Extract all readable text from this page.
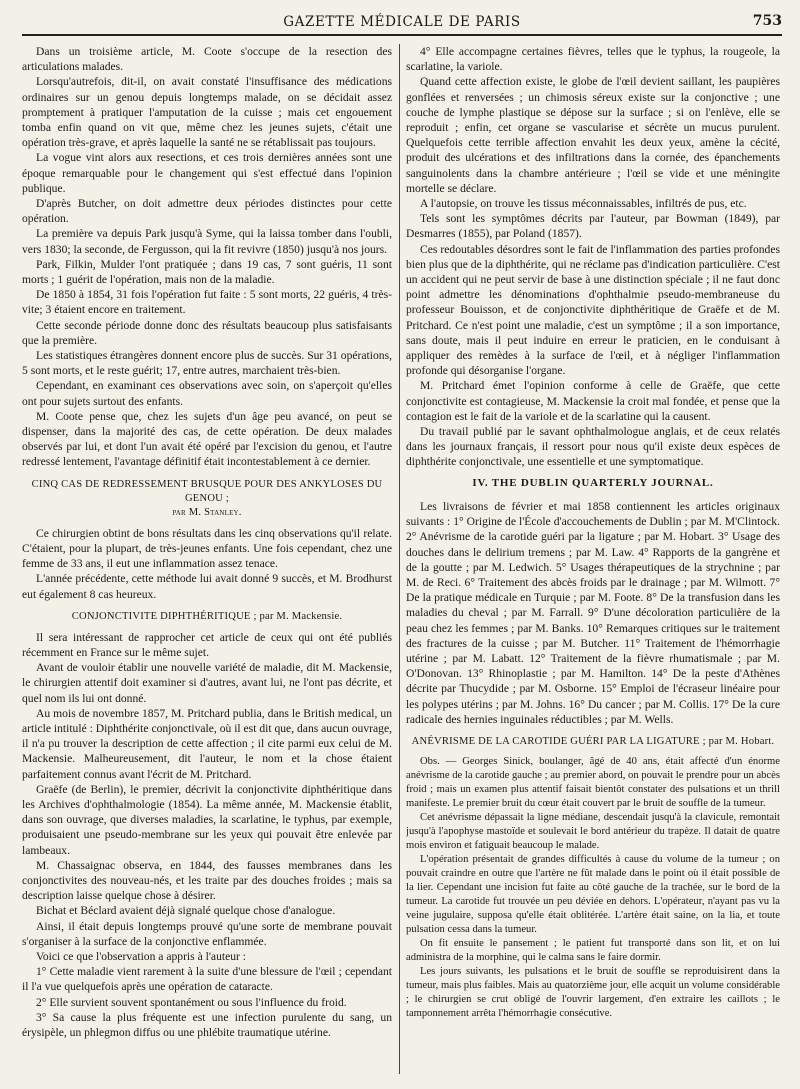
GAZETTE MÉDICALE DE PARIS	753

Dans un troisième article, M. Coote s'occupe de la resection des articulations malades.

Lorsqu'autrefois, dit-il, on avait constaté l'insuffisance des médications ordinaires sur un genou depuis longtemps malade, on se décidait assez promptement à pratiquer l'amputation de la cuisse ; mais cet engouement tomba enfin quand on vit que, même chez les jeunes sujets, c'était une opération très-grave, et après laquelle la santé ne se rétablissait pas toujours.

La vogue vint alors aux resections, et ces trois dernières années sont une époque remarquable pour le changement qui s'est effectué dans l'opinion publique.

D'après Butcher, on doit admettre deux périodes distinctes pour cette opération.

La première va depuis Park jusqu'à Syme, qui la laissa tomber dans l'oubli, vers 1830; la seconde, de Fergusson, qui la fit revivre (1850) jusqu'à nos jours.

Park, Filkin, Mulder l'ont pratiquée ; dans 19 cas, 7 sont guéris, 11 sont morts ; 1 guérit de l'opération, mais non de la maladie.

De 1850 à 1854, 31 fois l'opération fut faite : 5 sont morts, 22 guéris, 4 très-vite; 3 étaient encore en traitement.

Cette seconde période donne donc des résultats beaucoup plus satisfaisants que la première.

Les statistiques étrangères donnent encore plus de succès. Sur 31 opérations, 5 sont morts, et le reste guérit; 17, entre autres, marchaient très-bien.

Cependant, en examinant ces observations avec soin, on s'aperçoit qu'elles ont pour sujets surtout des enfants.

M. Coote pense que, chez les sujets d'un âge peu avancé, on peut se dispenser, dans la majorité des cas, de cette opération. De deux malades observés par lui, et dont l'un avait été opéré par l'excision du genou, et l'autre redressé lentement, l'avantage définitif était incontestablement à ce dernier.

CINQ CAS DE REDRESSEMENT BRUSQUE POUR DES ANKYLOSES DU GENOU ;
par M. Stanley.

Ce chirurgien obtint de bons résultats dans les cinq observations qu'il relate. C'étaient, pour la plupart, de très-jeunes enfants. Une fois cependant, chez une femme de 33 ans, il eut une inflammation assez tenace.

L'année précédente, cette méthode lui avait donné 9 succès, et M. Brodhurst eut également 8 cas heureux.

CONJONCTIVITE DIPHTHÉRITIQUE ; par M. Mackensie.

Il sera intéressant de rapprocher cet article de ceux qui ont été publiés récemment en France sur le même sujet.

Avant de vouloir établir une nouvelle variété de maladie, dit M. Mackensie, le chirurgien attentif doit examiner si d'autres, avant lui, ne l'ont pas décrite, et quel nom ils lui ont donné.

Au mois de novembre 1857, M. Pritchard publia, dans le British medical, un article intitulé : Diphthérite conjonctivale, où il est dit que, dans aucun ouvrage, il n'a pu trouver la description de cette affection ; il cite parmi eux celui de M. Mackensie. Malheureusement, dit l'auteur, le nom et la chose étaient parfaitement connus avant l'écrit de M. Pritchard.

Graëfe (de Berlin), le premier, décrivit la conjonctivite diphthéritique dans les Archives d'ophthalmologie (1854). La même année, M. Mackensie établit, dans son ouvrage, que diverses maladies, la scarlatine, le typhus, par exemple, produisaient une pseudo-membrane sur les yeux qui pouvait être enlevée par lambeaux.

M. Chassaignac observa, en 1844, des fausses membranes dans les conjonctivites des nouveau-nés, et les traite par des douches froides ; mais sa description laisse quelque chose à désirer.

Bichat et Béclard avaient déjà signalé quelque chose d'analogue.

Ainsi, il était depuis longtemps prouvé qu'une sorte de membrane pouvait s'organiser à la surface de la conjonctive enflammée.

Voici ce que l'observation a appris à l'auteur :

1° Cette maladie vient rarement à la suite d'une blessure de l'œil ; cependant il l'a vue quelquefois après une opération de cataracte.

2° Elle survient souvent spontanément ou sous l'influence du froid.

3° Sa cause la plus fréquente est une infection purulente du sang, un érysipèle, un phlegmon diffus ou une phlébite traumatique utérine.

4° Elle accompagne certaines fièvres, telles que le typhus, la rougeole, la scarlatine, la variole.

Quand cette affection existe, le globe de l'œil devient saillant, les paupières gonflées et renversées ; un chimosis séreux existe sur la conjonctive ; une couche de lymphe plastique se dépose sur la surface ; si on l'enlève, elle se reproduit ; enfin, cet organe se vascularise et sécrète un mucus purulent. Quelquefois cette terrible affection envahit les deux yeux, amène la cécité, produit des ulcérations et des infiltrations dans la cornée, des épanchements sanguinolents dans la chambre antérieure ; l'œil se vide et une méningite mortelle se déclare.

A l'autopsie, on trouve les tissus méconnaissables, infiltrés de pus, etc.

Tels sont les symptômes décrits par l'auteur, par Bowman (1849), par Desmarres (1855), par Poland (1857).

Ces redoutables désordres sont le fait de l'inflammation des parties profondes bien plus que de la diphthérite, qui ne réclame pas d'indication particulière. C'est un accident qui ne peut servir de base à une distinction spéciale ; il ne faut donc point admettre les dénominations d'ophthalmie pseudo-membraneuse du professeur Bouisson, et de conjonctivite diphthéritique de Graëfe et de M. Pritchard. Ce n'est point une maladie, c'est un symptôme ; il a son importance, sans doute, mais il peut induire en erreur le praticien, en le conduisant à appliquer des remèdes à la surface de l'œil, et à négliger l'inflammation profonde qui désorganise l'organe.

M. Pritchard émet l'opinion conforme à celle de Graëfe, que cette conjonctivite est contagieuse, M. Mackensie la croit mal fondée, et pense que la contagion est le fait de la variole et de la scarlatine qui la causent.

Du travail publié par le savant ophthalmologue anglais, et de ceux relatés dans les journaux français, il ressort pour nous qu'il existe deux espèces de diphthérite conjonctivale, une essentielle et une symptomatique.

IV. THE DUBLIN QUARTERLY JOURNAL.

Les livraisons de février et mai 1858 contiennent les articles originaux suivants : 1° Origine de l'École d'accouchements de Dublin ; par M. M'Clintock. 2° Anévrisme de la carotide guéri par la ligature ; par M. Hobart. 3° Usage des douches dans le delirium tremens ; par M. Law. 4° Rapports de la gangrène et de la goutte ; par M. Ledwich. 5° Usages thérapeutiques de la strychnine ; par M. de Reci. 6° Traitement des abcès froids par le drainage ; par M. Wilmott. 7° De la pratique médicale en Turquie ; par M. Foote. 8° De la transfusion dans les maladies du cheval ; par M. Farrall. 9° D'une décoloration particulière de la peau chez les femmes ; par M. Banks. 10° Remarques critiques sur le traitement des fractures de la cuisse ; par M. Butcher. 11° Traitement de l'hémorrhagie utérine ; par M. Labatt. 12° Traitement de la fièvre rhumatismale ; par M. O'Donovan. 13° Rhinoplastie ; par M. Hamilton. 14° De la peste d'Athènes décrite par Thucydide ; par M. Osborne. 15° Emploi de l'écraseur linéaire pour les polypes utérins ; par M. Johns. 16° Du cancer ; par M. Collis. 17° De la cure radicale des hernies inguinales réductibles ; par M. Wells.

ANÉVRISME DE LA CAROTIDE GUÉRI PAR LA LIGATURE ; par M. Hobart.

Obs. — Georges Sinick, boulanger, âgé de 40 ans, était affecté d'un énorme anévrisme de la carotide gauche ; au premier abord, on pouvait le prendre pour un abcès froid ; mais un examen plus attentif faisait bientôt constater des pulsations et un thrill manifeste. Le premier bruit du cœur était couvert par le bruit de souffle de la tumeur.

Cet anévrisme dépassait la ligne médiane, descendait jusqu'à la clavicule, remontait jusqu'à l'apophyse mastoïde et soulevait le bord antérieur du trapèze. Il datait de quatre mois environ et fatiguait beaucoup le malade.

L'opération présentait de grandes difficultés à cause du volume de la tumeur ; on pouvait craindre en outre que l'artère ne fût malade dans le point où il était possible de la lier. Cependant une incision fut faite au côté gauche de la trachée, sur le bord de la tumeur. La carotide fut trouvée un peu déviée en dehors. L'opérateur, n'ayant pas vu la veine jugulaire, supposa qu'elle était oblitérée. L'artère était saine, on la lia, et toute pulsation cessa dans la tumeur.

On fit ensuite le pansement ; le patient fut transporté dans son lit, et on lui administra de la morphine, qui le calma sans le faire dormir.

Les jours suivants, les pulsations et le bruit de souffle se reproduisirent dans la tumeur, mais plus faibles. Mais au quatorzième jour, elle acquit un volume considérable ; le chirurgien se crut obligé de l'ouvrir largement, d'en extraire les caillots ; le tamponnement arrêta l'hémorrhagie consécutive.
